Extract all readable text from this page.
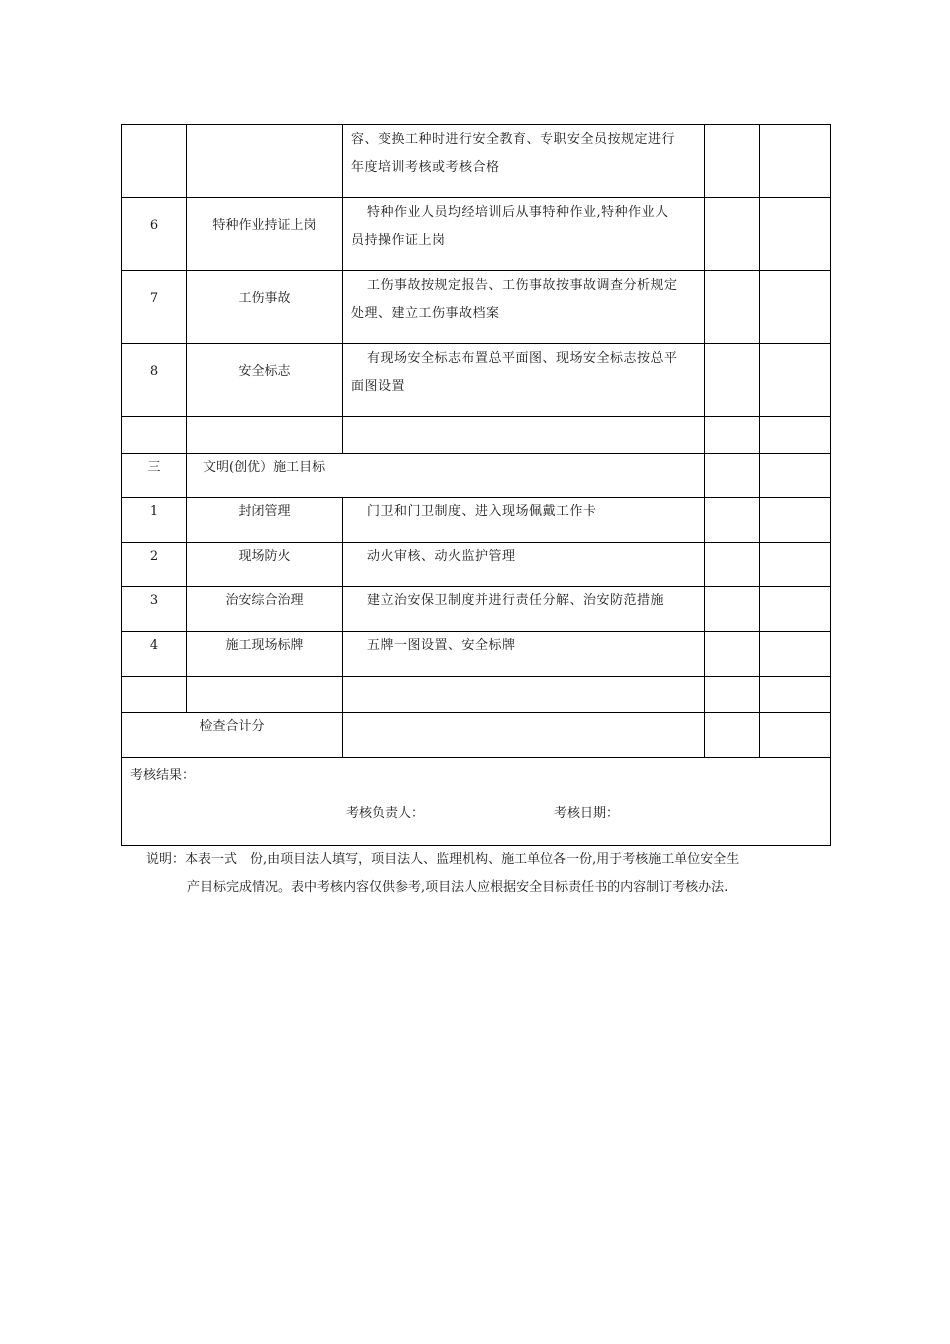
		容、变换工种时进行安全教育、专职安全员按规定进行
年度培训考核或考核合格		

6	特种作业持证上岗	特种作业人员均经培训后从事特种作业,特种作业人
员持操作证上岗		

7	工伤事故	工伤事故按规定报告、工伤事故按事故调查分析规定
处理、建立工伤事故档案		

8	安全标志	有现场安全标志布置总平面图、现场安全标志按总平
面图设置		

三	文明(创优）施工目标			
1	封闭管理	门卫和门卫制度、进入现场佩戴工作卡		
2	现场防火	动火审核、动火监护管理		
3	治安综合治理	建立治安保卫制度并进行责任分解、治安防范措施		
4	施工现场标牌	五牌一图设置、安全标牌		

检查合计分				

考核结果：
考核负责人： 考核日期：				
说明：本表一式　份,由项目法人填写，项目法人、监理机构、施工单位各一份,用于考核施工单位安全生
产目标完成情况。表中考核内容仅供参考,项目法人应根据安全目标责任书的内容制订考核办法.
